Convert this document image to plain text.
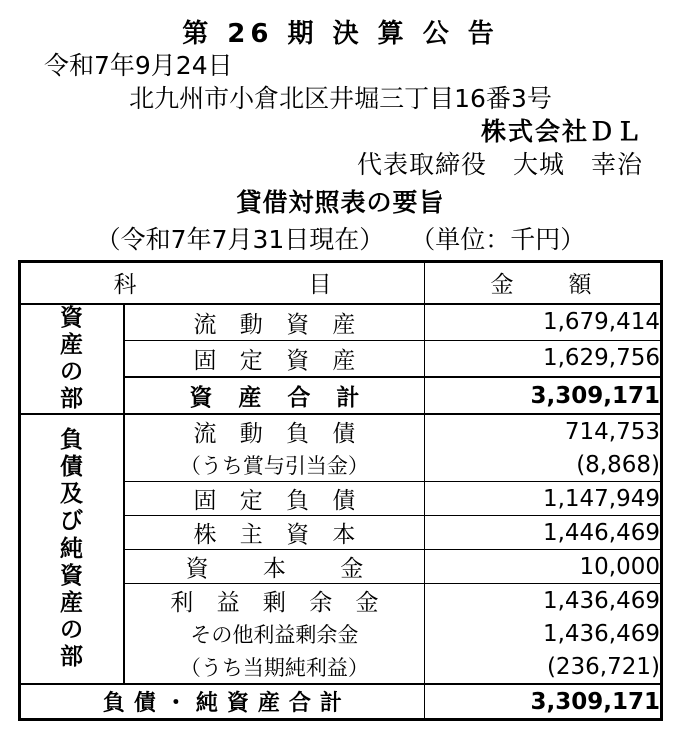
第 26 期 決 算 公 告
令和7年9月24日
北九州市小倉北区井堀三丁目16番3号
株式会社ＤＬ
代表取締役　大城　幸治
貸借対照表の要旨
（令和7年7月31日現在） （単位：千円）
科　　　　目		金　　額

資
産
の
部	流 動 資 産	1,679,414
	固 定 資 産	1,629,756
	資 産 合 計	3,309,171

負
債
及
び
純
資
産
の
部
	流 動 負 債	714,753
	（うち賞与引当金）	(8,868)
	固 定 負 債	1,147,949
	株 主 資 本	1,446,469
	資　 本　 金	10,000
	利 益 剰 余 金	1,436,469
	その他利益剰余金	1,436,469
	（うち当期純利益）	(236,721)
負債・純資産合計		3,309,171
